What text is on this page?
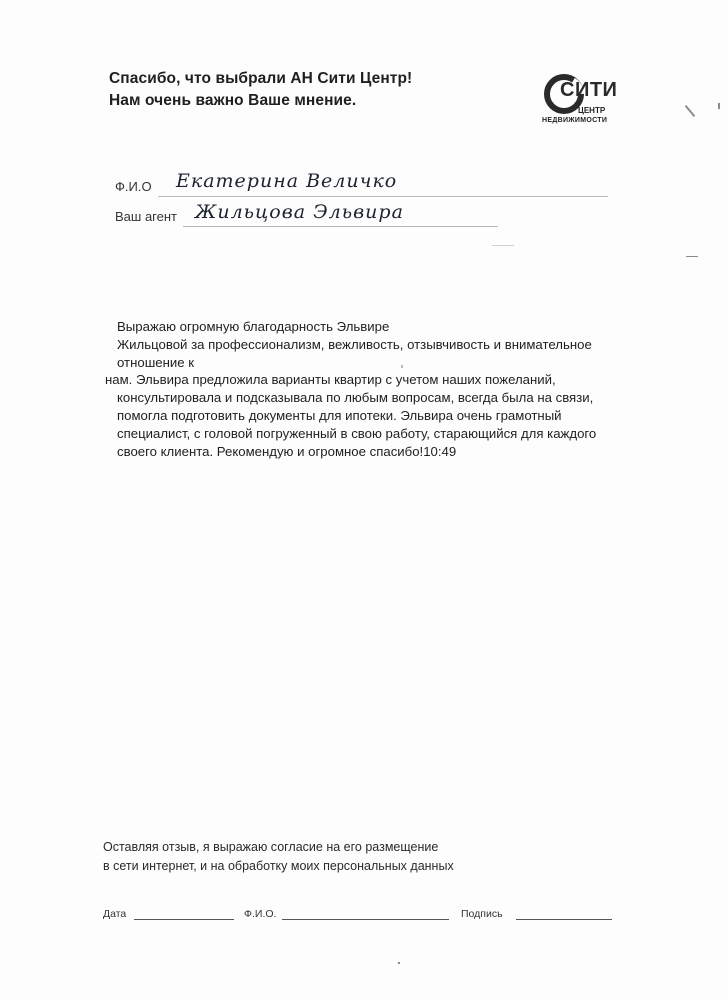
Спасибо, что выбрали АН Сити Центр!
Нам очень важно Ваше мнение.	СИТИ
ЦЕНТР
НЕДВИЖИМОСТИ
Ф.И.О Екатерина Величко
Ваш агент Жильцова Эльвира
Выражаю огромную благодарность Эльвире
Жильцовой за профессионализм, вежливость, отзывчивость и внимательное
отношение к
нам. Эльвира предложила варианты квартир с учетом наших пожеланий,
консультировала и подсказывала по любым вопросам, всегда была на связи,
помогла подготовить документы для ипотеки. Эльвира очень грамотный
специалист, с головой погруженный в свою работу, старающийся для каждого
своего клиента. Рекомендую и огромное спасибо!10:49
Оставляя отзыв, я выражаю согласие на его размещение
в сети интернет, и на обработку моих персональных данных
Дата	Ф.И.О.	Подпись
